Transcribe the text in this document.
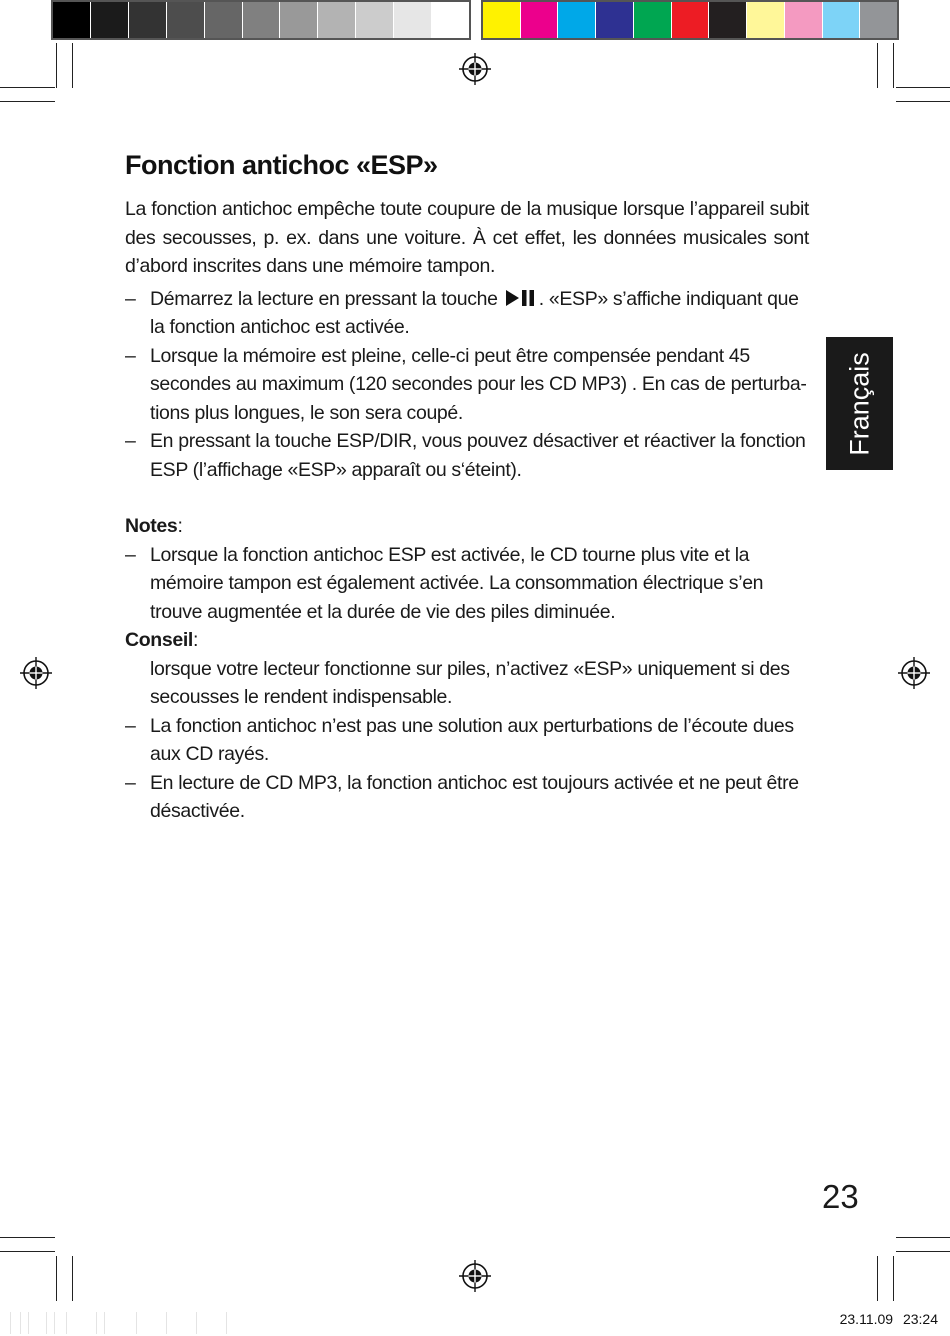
Fonction antichoc «ESP»

La fonction antichoc empêche toute coupure de la musique lorsque l’appareil subit des secousses, p. ex. dans une voiture. À cet effet, les données musicales sont d’abord inscrites dans une mémoire tampon.

– Démarrez la lecture en pressant la touche . «ESP» s’affiche indiquant que la fonction antichoc est activée.
– Lorsque la mémoire est pleine, celle-ci peut être compensée pendant 45 secondes au maximum (120 secondes pour les CD MP3) . En cas de perturba-tions plus longues, le son sera coupé.
– En pressant la touche ESP/DIR, vous pouvez désactiver et réactiver la fonction ESP (l’affichage «ESP» apparaît ou s‘éteint).
Notes:
– Lorsque la fonction antichoc ESP est activée, le CD tourne plus vite et la mémoire tampon est également activée. La consommation électrique s’en trouve augmentée et la durée de vie des piles diminuée.
Conseil:
lorsque votre lecteur fonctionne sur piles, n’activez «ESP» uniquement si des secousses le rendent indispensable.
– La fonction antichoc n’est pas une solution aux perturbations de l’écoute dues aux CD rayés.
– En lecture de CD MP3, la fonction antichoc est toujours activée et ne peut être désactivée.
Français
23
23.11.09 23:24
